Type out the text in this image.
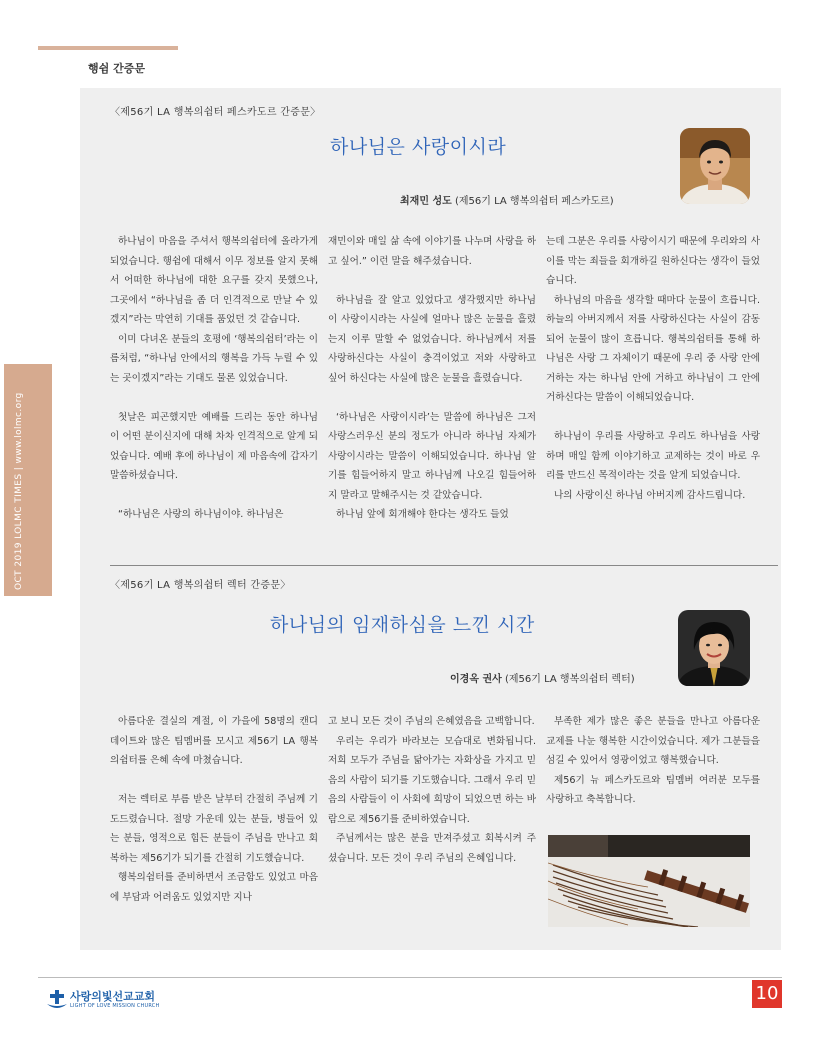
행쉼 간증문
OCT 2019 LOLMC TIMES | www.lolmc.org
〈제56기 LA 행복의쉼터 페스카도르 간증문〉
하나님은 사랑이시라
최재민 성도 (제56기 LA 행복의쉼터 페스카도르)

하나님이 마음을 주셔서 행복의쉼터에 올라가게 되었습니다. 행쉼에 대해서 이무 정보를 알지 못해서 어떠한 하나님에 대한 요구를 갖지 못했으나, 그곳에서 “하나님을 좀 더 인격적으로 만날 수 있겠지”라는 막연히 기대를 품었던 것 같습니다.

이미 다녀온 분들의 호평에 ‘행복의쉼터’라는 이름처럼, “하나님 안에서의 행복을 가득 누릴 수 있는 곳이겠지”라는 기대도 물론 있었습니다.

첫날은 피곤했지만 예배를 드리는 동안 하나님이 어떤 분이신지에 대해 차차 인격적으로 알게 되었습니다. 예배 후에 하나님이 제 마음속에 갑자기 말씀하셨습니다.

“하나님은 사랑의 하나님이야. 하나님은

재민이와 매일 삶 속에 이야기를 나누며 사랑을 하고 싶어.” 이런 말을 해주셨습니다.

하나님을 잘 알고 있었다고 생각했지만 하나님이 사랑이시라는 사실에 얼마나 많은 눈물을 흘렸는지 이루 말할 수 없었습니다. 하나님께서 저를 사랑하신다는 사실이 충격이었고 저와 사랑하고 싶어 하신다는 사실에 많은 눈물을 흘렸습니다.

‘하나님은 사랑이시라’는 말씀에 하나님은 그저 사랑스러우신 분의 정도가 아니라 하나님 자체가 사랑이시라는 말씀이 이해되었습니다. 하나님 알기를 힘들어하지 말고 하나님께 나오길 힘들어하지 말라고 말해주시는 것 같았습니다.

하나님 앞에 회개해야 한다는 생각도 들었

는데 그분은 우리를 사랑이시기 때문에 우리와의 사이를 막는 죄들을 회개하길 원하신다는 생각이 들었습니다.

하나님의 마음을 생각할 때마다 눈물이 흐릅니다. 하늘의 아버지께서 저를 사랑하신다는 사실이 감동되어 눈물이 많이 흐릅니다. 행복의쉼터를 통해 하나님은 사랑 그 자체이기 때문에 우리 중 사랑 안에 거하는 자는 하나님 안에 거하고 하나님이 그 안에 거하신다는 말씀이 이해되었습니다.

하나님이 우리를 사랑하고 우리도 하나님을 사랑하며 매일 함께 이야기하고 교제하는 것이 바로 우리를 만드신 목적이라는 것을 알게 되었습니다.

나의 사랑이신 하나님 아버지께 감사드립니다.

〈제56기 LA 행복의쉼터 렉터 간증문〉
하나님의 임재하심을 느낀 시간
이경옥 권사 (제56기 LA 행복의쉼터 렉터)

아름다운 결실의 계절, 이 가을에 58명의 캔디데이트와 많은 팀멤버를 모시고 제56기 LA 행복의쉼터를 은혜 속에 마쳤습니다.

저는 렉터로 부름 받은 날부터 간절히 주님께 기도드렸습니다. 절망 가운데 있는 분들, 병들어 있는 분들, 영적으로 힘든 분들이 주님을 만나고 회복하는 제56기가 되기를 간절히 기도했습니다.

행복의쉼터를 준비하면서 조금함도 있었고 마음에 부담과 어려움도 있었지만 지나

고 보니 모든 것이 주님의 은혜였음을 고백합니다.

우리는 우리가 바라보는 모습대로 변화됩니다. 저희 모두가 주님을 닮아가는 자화상을 가지고 믿음의 사람이 되기를 기도했습니다. 그래서 우리 믿음의 사람들이 이 사회에 희망이 되었으면 하는 바람으로 제56기를 준비하였습니다.

주님께서는 많은 분을 만져주셨고 회복시켜 주셨습니다. 모든 것이 우리 주님의 은혜입니다.

부족한 제가 많은 좋은 분들을 만나고 아름다운 교제를 나눈 행복한 시간이었습니다. 제가 그분들을 섬길 수 있어서 영광이었고 행복했습니다.

제56기 뉴 페스카도르와 팀멤버 여러분 모두를 사랑하고 축복합니다.

사랑의빛선교교회
LIGHT OF LOVE MISSION CHURCH
10
